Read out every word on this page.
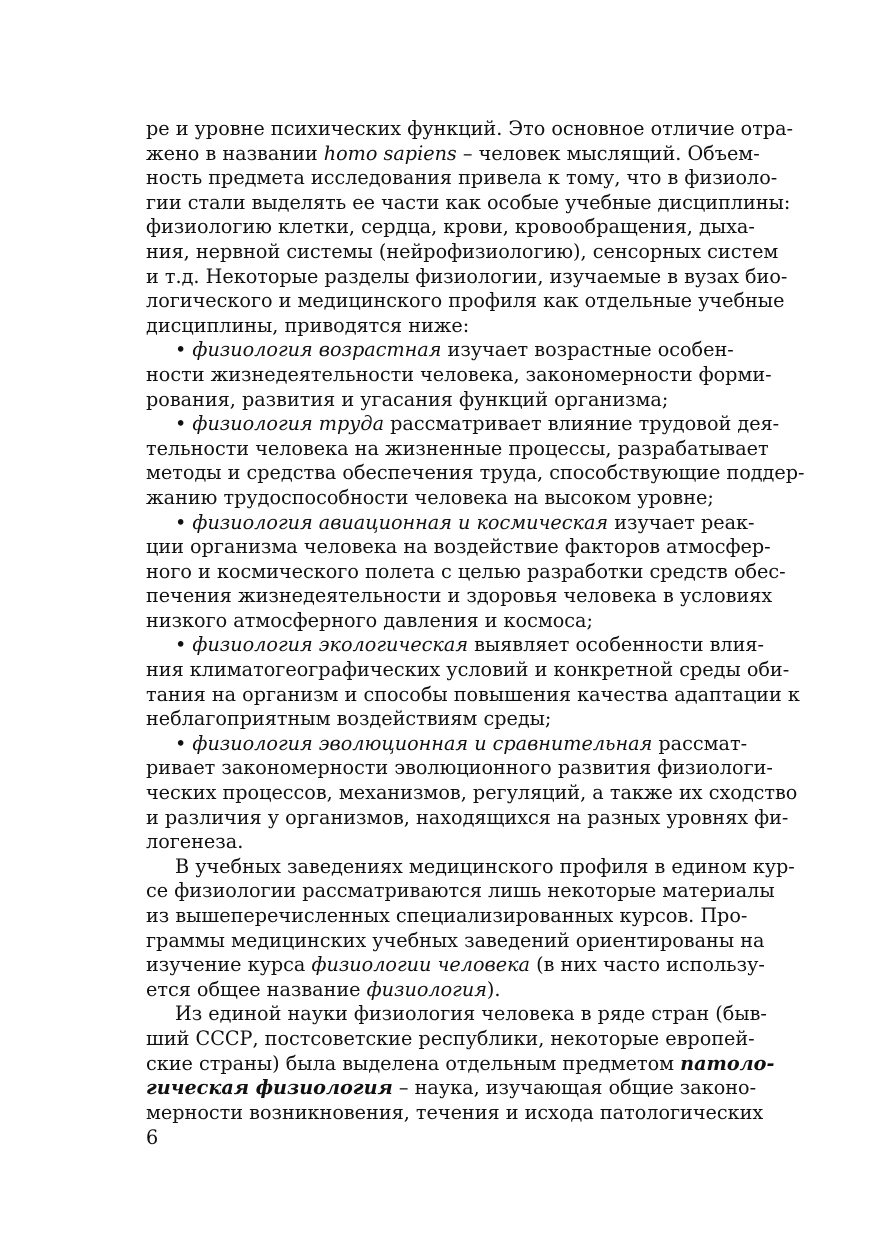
ре и уровне психических функций. Это основное отличие отра-
жено в названии homo sapiens – человек мыслящий. Объем-
ность предмета исследования привела к тому, что в физиоло-
гии стали выделять ее части как особые учебные дисциплины:
физиологию клетки, сердца, крови, кровообращения, дыха-
ния, нервной системы (нейрофизиологию), сенсорных систем
и т.д. Некоторые разделы физиологии, изучаемые в вузах био-
логического и медицинского профиля как отдельные учебные
дисциплины, приводятся ниже:
• физиология возрастная изучает возрастные особен-
ности жизнедеятельности человека, закономерности форми-
рования, развития и угасания функций организма;
• физиология труда рассматривает влияние трудовой дея-
тельности человека на жизненные процессы, разрабатывает
методы и средства обеспечения труда, способствующие поддер-
жанию трудоспособности человека на высоком уровне;
• физиология авиационная и космическая изучает реак-
ции организма человека на воздействие факторов атмосфер-
ного и космического полета с целью разработки средств обес-
печения жизнедеятельности и здоровья человека в условиях
низкого атмосферного давления и космоса;
• физиология экологическая выявляет особенности влия-
ния климатогеографических условий и конкретной среды оби-
тания на организм и способы повышения качества адаптации к
неблагоприятным воздействиям среды;
• физиология эволюционная и сравнительная рассмат-
ривает закономерности эволюционного развития физиологи-
ческих процессов, механизмов, регуляций, а также их сходство
и различия у организмов, находящихся на разных уровнях фи-
логенеза.
В учебных заведениях медицинского профиля в едином кур-
се физиологии рассматриваются лишь некоторые материалы
из вышеперечисленных специализированных курсов. Про-
граммы медицинских учебных заведений ориентированы на
изучение курса физиологии человека (в них часто использу-
ется общее название физиология).
Из единой науки физиология человека в ряде стран (быв-
ший СССР, постсоветские республики, некоторые европей-
ские страны) была выделена отдельным предметом патоло-
гическая физиология – наука, изучающая общие законо-
мерности возникновения, течения и исхода патологических
6
